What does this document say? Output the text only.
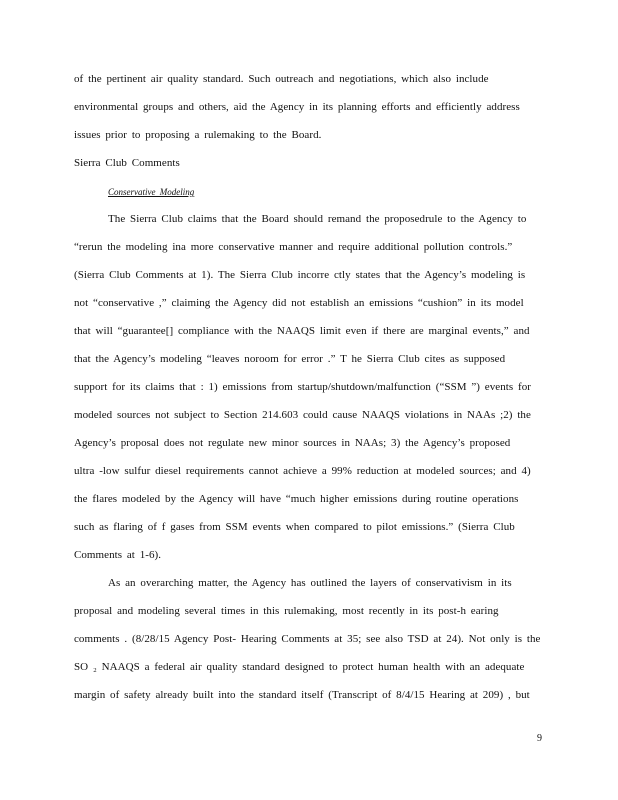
of the pertinent air quality standard. Such outreach and negotiations, which also include
environmental groups and others, aid the Agency in its planning efforts and efficiently address
issues prior to proposing a rulemaking to the Board.
Sierra Club Comments
Conservative Modeling
The Sierra Club claims that the Board should remand the proposedrule to the Agency to
“rerun the modeling ina more conservative manner and require additional pollution controls.”
(Sierra Club Comments at 1). The Sierra Club incorre ctly states that the Agency’s modeling is
not “conservative ,” claiming the Agency did not establish an emissions “cushion” in its model
that will “guarantee[] compliance with the NAAQS limit even if there are marginal events,” and
that the Agency’s modeling “leaves noroom for error .” T he Sierra Club cites as supposed
support for its claims that : 1) emissions from startup/shutdown/malfunction (“SSM ”) events for
modeled sources not subject to Section 214.603 could cause NAAQS violations in NAAs ;2) the
Agency’s proposal does not regulate new minor sources in NAAs; 3) the Agency’s proposed
ultra -low sulfur diesel requirements cannot achieve a 99% reduction at modeled sources; and 4)
the flares modeled by the Agency will have “much higher emissions during routine operations
such as flaring of f gases from SSM events when compared to pilot emissions.” (Sierra Club
Comments at 1-6).
As an overarching matter, the Agency has outlined the layers of conservativism in its
proposal and modeling several times in this rulemaking, most recently in its post-h earing
comments . (8/28/15 Agency Post- Hearing Comments at 35; see also TSD at 24). Not only is the
SO ₂ NAAQS a federal air quality standard designed to protect human health with an adequate
margin of safety already built into the standard itself (Transcript of 8/4/15 Hearing at 209) , but
9
